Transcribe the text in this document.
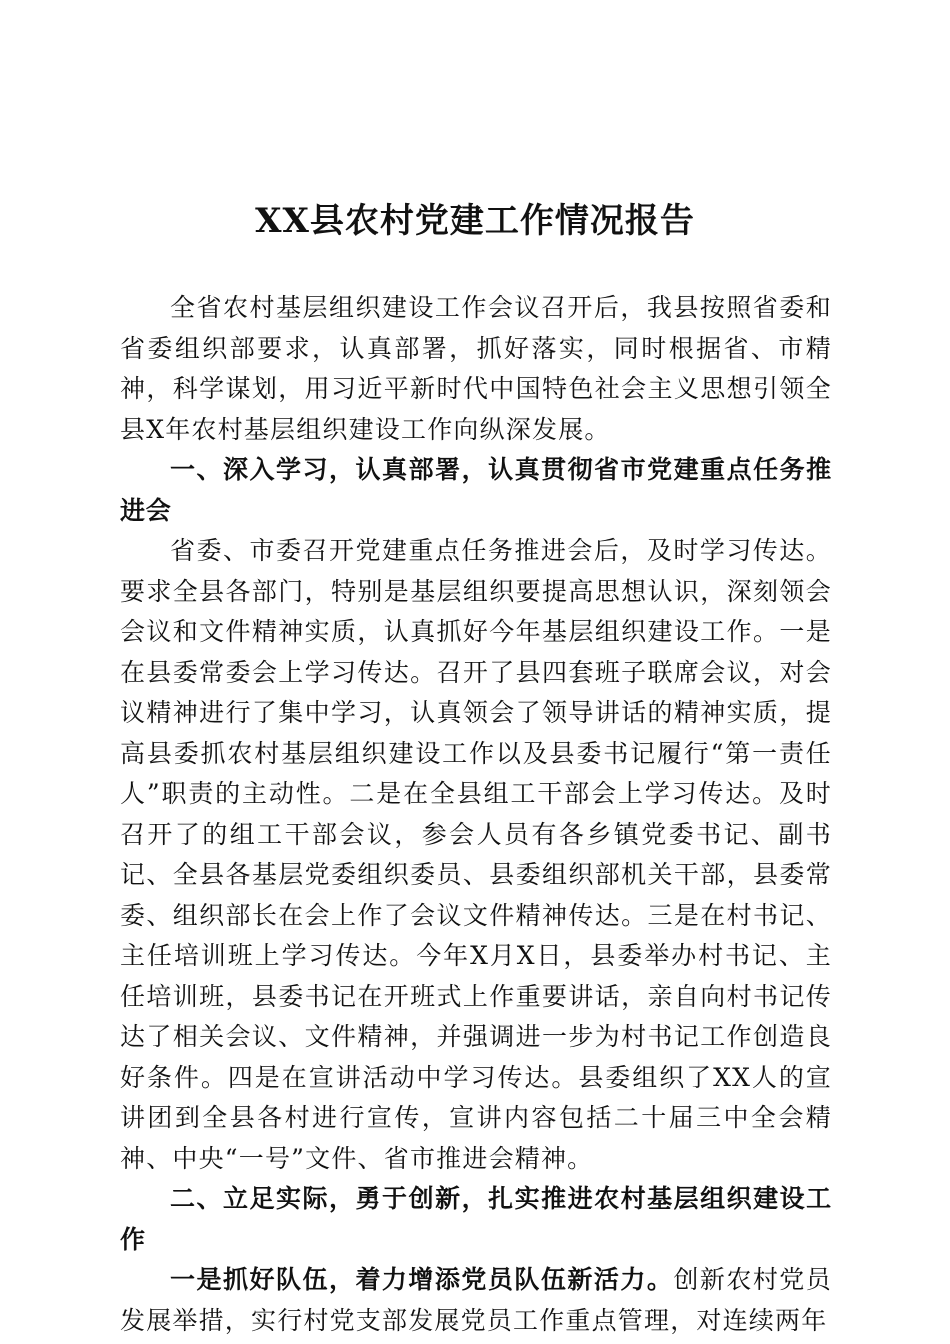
XX县农村党建工作情况报告

全省农村基层组织建设工作会议召开后，我县按照省委和省委组织部要求，认真部署，抓好落实，同时根据省、市精神，科学谋划，用习近平新时代中国特色社会主义思想引领全县X年农村基层组织建设工作向纵深发展。

一、深入学习，认真部署，认真贯彻省市党建重点任务推进会

省委、市委召开党建重点任务推进会后，及时学习传达。要求全县各部门，特别是基层组织要提高思想认识，深刻领会会议和文件精神实质，认真抓好今年基层组织建设工作。一是在县委常委会上学习传达。召开了县四套班子联席会议，对会议精神进行了集中学习，认真领会了领导讲话的精神实质，提高县委抓农村基层组织建设工作以及县委书记履行“第一责任人”职责的主动性。二是在全县组工干部会上学习传达。及时召开了的组工干部会议，参会人员有各乡镇党委书记、副书记、全县各基层党委组织委员、县委组织部机关干部，县委常委、组织部长在会上作了会议文件精神传达。三是在村书记、主任培训班上学习传达。今年X月X日，县委举办村书记、主任培训班，县委书记在开班式上作重要讲话，亲自向村书记传达了相关会议、文件精神，并强调进一步为村书记工作创造良好条件。四是在宣讲活动中学习传达。县委组织了XX人的宣讲团到全县各村进行宣传，宣讲内容包括二十届三中全会精神、中央“一号”文件、省市推进会精神。

二、立足实际，勇于创新，扎实推进农村基层组织建设工作

一是抓好队伍，着力增添党员队伍新活力。创新农村党员发展举措，实行村党支部发展党员工作重点管理，对连续两年
